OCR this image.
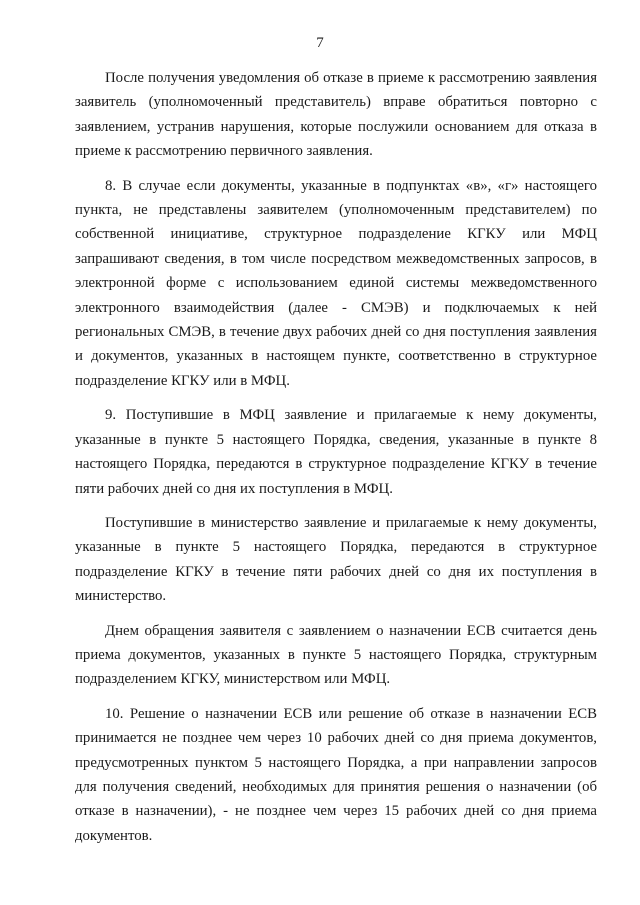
7

После получения уведомления об отказе в приеме к рассмотрению заявления заявитель (уполномоченный представитель) вправе обратиться повторно с заявлением, устранив нарушения, которые послужили основанием для отказа в приеме к рассмотрению первичного заявления.

8. В случае если документы, указанные в подпунктах «в», «г» настоящего пункта, не представлены заявителем (уполномоченным представителем) по собственной инициативе, структурное подразделение КГКУ или МФЦ запрашивают сведения, в том числе посредством межведомственных запросов, в электронной форме с использованием единой системы межведомственного электронного взаимодействия (далее - СМЭВ) и подключаемых к ней региональных СМЭВ, в течение двух рабочих дней со дня поступления заявления и документов, указанных в настоящем пункте, соответственно в структурное подразделение КГКУ или в МФЦ.

9. Поступившие в МФЦ заявление и прилагаемые к нему документы, указанные в пункте 5 настоящего Порядка, сведения, указанные в пункте 8 настоящего Порядка, передаются в структурное подразделение КГКУ в течение пяти рабочих дней со дня их поступления в МФЦ.

Поступившие в министерство заявление и прилагаемые к нему документы, указанные в пункте 5 настоящего Порядка, передаются в структурное подразделение КГКУ в течение пяти рабочих дней со дня их поступления в министерство.

Днем обращения заявителя с заявлением о назначении ЕСВ считается день приема документов, указанных в пункте 5 настоящего Порядка, структурным подразделением КГКУ, министерством или МФЦ.

10. Решение о назначении ЕСВ или решение об отказе в назначении ЕСВ принимается не позднее чем через 10 рабочих дней со дня приема документов, предусмотренных пунктом 5 настоящего Порядка, а при направлении запросов для получения сведений, необходимых для принятия решения о назначении (об отказе в назначении), - не позднее чем через 15 рабочих дней со дня приема документов.
